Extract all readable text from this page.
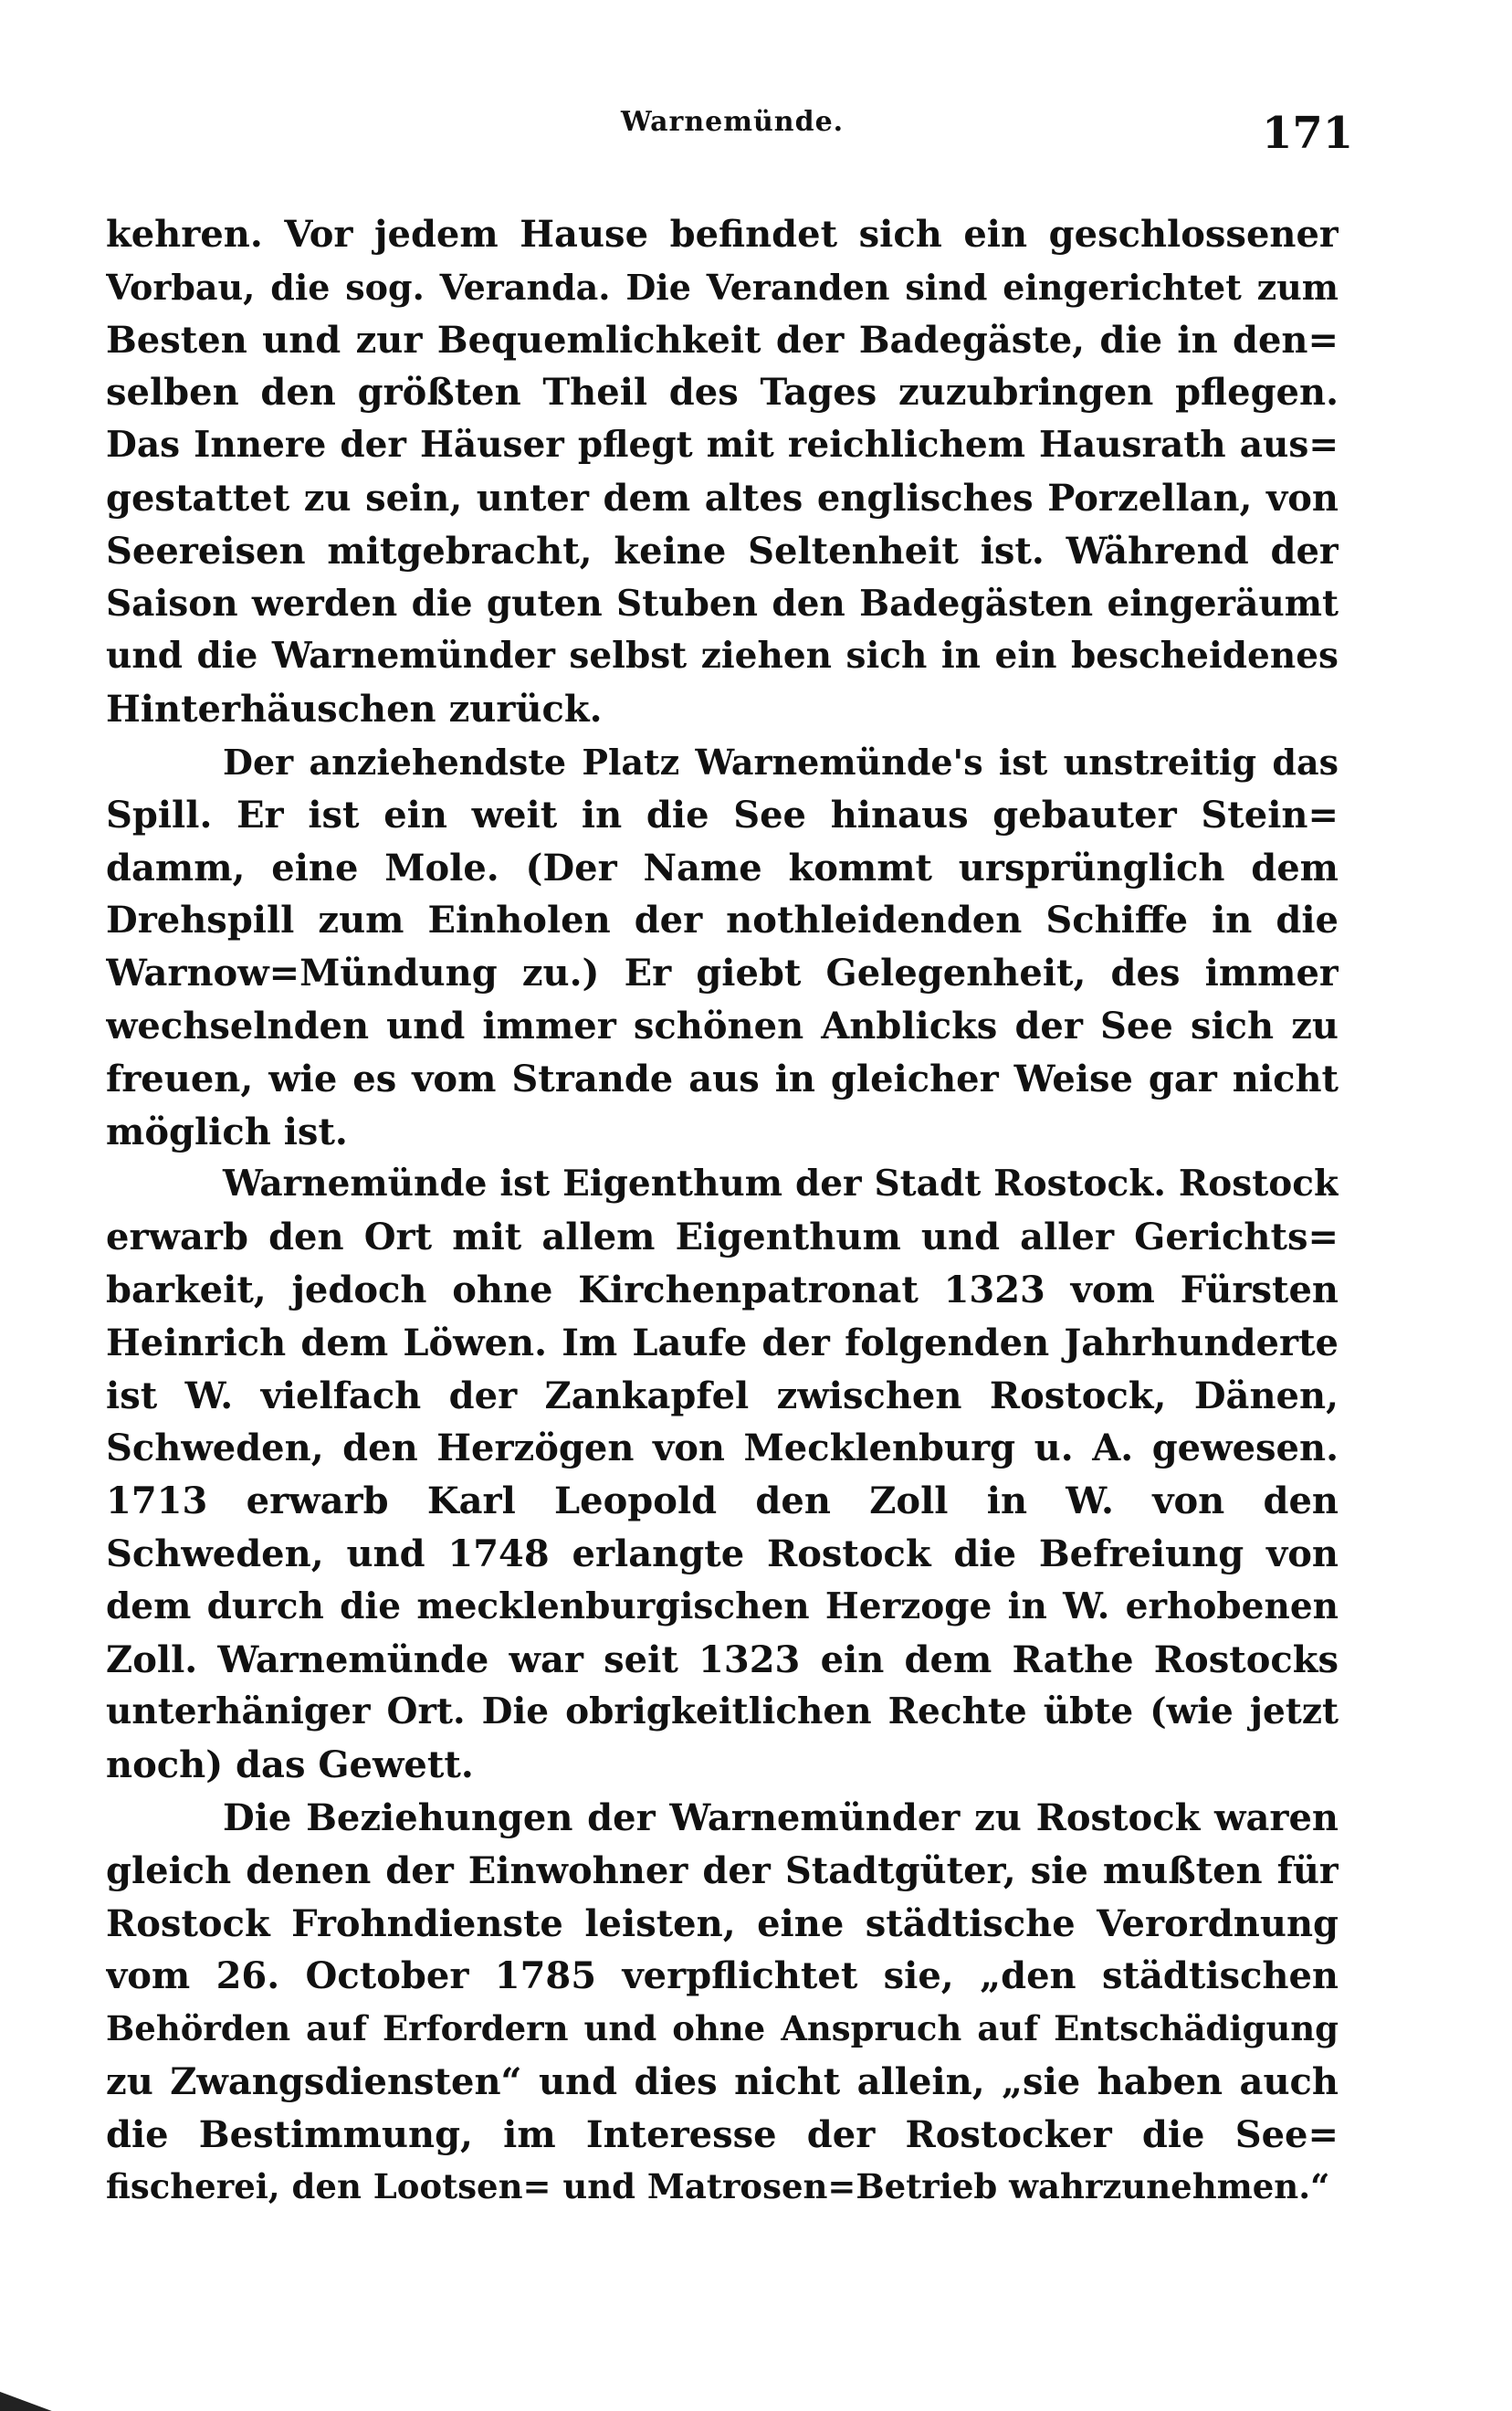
Warnemünde.	171
kehren. Vor jedem Hause befindet sich ein geschlossener
Vorbau, die sog. Veranda. Die Veranden sind eingerichtet zum
Besten und zur Bequemlichkeit der Badegäste, die in den=
selben den größten Theil des Tages zuzubringen pflegen.
Das Innere der Häuser pflegt mit reichlichem Hausrath aus=
gestattet zu sein, unter dem altes englisches Porzellan, von
Seereisen mitgebracht, keine Seltenheit ist. Während der
Saison werden die guten Stuben den Badegästen eingeräumt
und die Warnemünder selbst ziehen sich in ein bescheidenes
Hinterhäuschen zurück.
Der anziehendste Platz Warnemünde's ist unstreitig das
Spill. Er ist ein weit in die See hinaus gebauter Stein=
damm, eine Mole. (Der Name kommt ursprünglich dem
Drehspill zum Einholen der nothleidenden Schiffe in die
Warnow=Mündung zu.) Er giebt Gelegenheit, des immer
wechselnden und immer schönen Anblicks der See sich zu
freuen, wie es vom Strande aus in gleicher Weise gar nicht
möglich ist.
Warnemünde ist Eigenthum der Stadt Rostock. Rostock
erwarb den Ort mit allem Eigenthum und aller Gerichts=
barkeit, jedoch ohne Kirchenpatronat 1323 vom Fürsten
Heinrich dem Löwen. Im Laufe der folgenden Jahrhunderte
ist W. vielfach der Zankapfel zwischen Rostock, Dänen,
Schweden, den Herzögen von Mecklenburg u. A. gewesen.
1713 erwarb Karl Leopold den Zoll in W. von den
Schweden, und 1748 erlangte Rostock die Befreiung von
dem durch die mecklenburgischen Herzoge in W. erhobenen
Zoll. Warnemünde war seit 1323 ein dem Rathe Rostocks
unterhäniger Ort. Die obrigkeitlichen Rechte übte (wie jetzt
noch) das Gewett.
Die Beziehungen der Warnemünder zu Rostock waren
gleich denen der Einwohner der Stadtgüter, sie mußten für
Rostock Frohndienste leisten, eine städtische Verordnung
vom 26. October 1785 verpflichtet sie, „den städtischen
Behörden auf Erfordern und ohne Anspruch auf Entschädigung
zu Zwangsdiensten“ und dies nicht allein, „sie haben auch
die Bestimmung, im Interesse der Rostocker die See=
fischerei, den Lootsen= und Matrosen=Betrieb wahrzunehmen.“
